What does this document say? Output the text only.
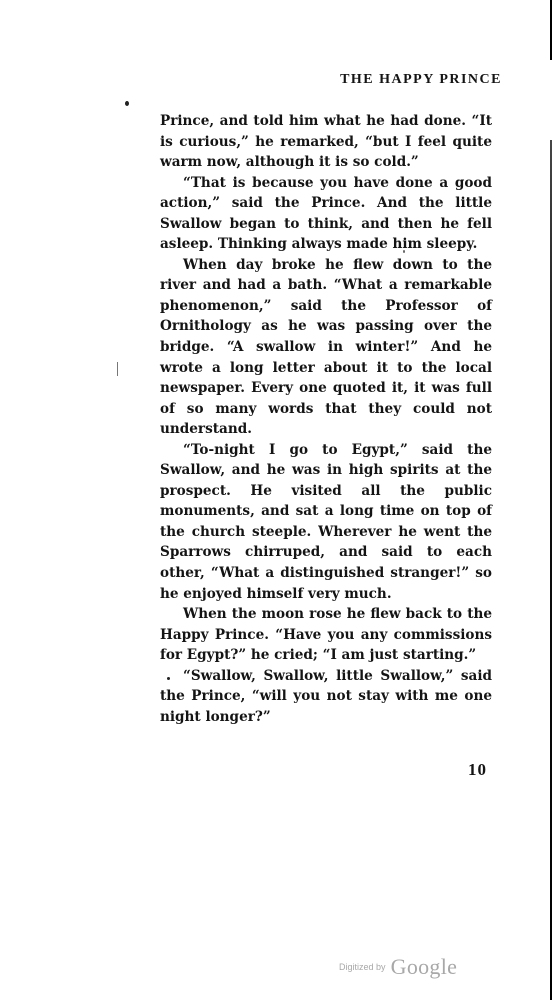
THE HAPPY PRINCE

Prince, and told him what he had done. “It is curious,” he remarked, “but I feel quite warm now, although it is so cold.”

“That is because you have done a good action,” said the Prince. And the little Swallow began to think, and then he fell asleep. Thinking always made him sleepy.

When day broke he flew down to the river and had a bath. “What a remarkable phenomenon,” said the Professor of Ornithology as he was passing over the bridge. “A swallow in winter!” And he wrote a long letter about it to the local newspaper. Every one quoted it, it was full of so many words that they could not understand.

“To-night I go to Egypt,” said the Swallow, and he was in high spirits at the prospect. He visited all the public monuments, and sat a long time on top of the church steeple. Wherever he went the Sparrows chirruped, and said to each other, “What a distinguished stranger!” so he enjoyed himself very much.

When the moon rose he flew back to the Happy Prince. “Have you any commissions for Egypt?” he cried; “I am just starting.”

“Swallow, Swallow, little Swallow,” said the Prince, “will you not stay with me one night longer?”

10
Digitized by Google
